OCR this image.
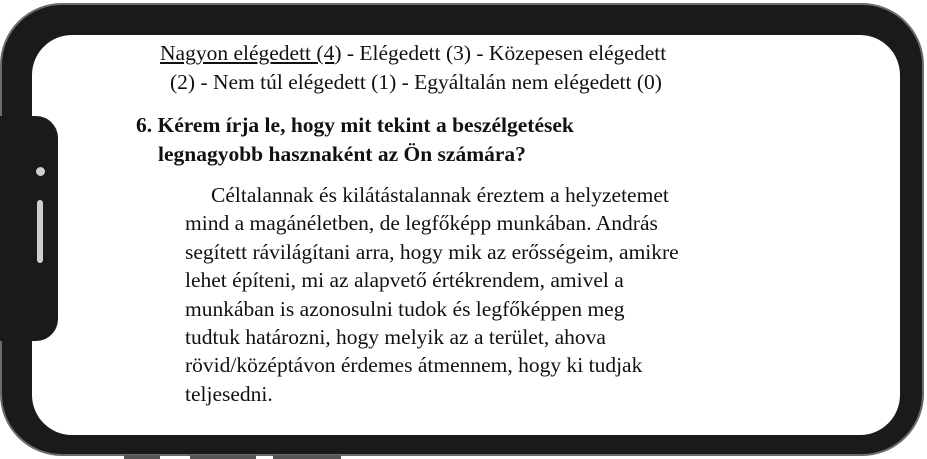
Nagyon elégedett (4) - Elégedett (3) - Közepesen elégedett
(2) - Nem túl elégedett (1) - Egyáltalán nem elégedett (0)
6. Kérem írja le, hogy mit tekint a beszélgetések
legnagyobb hasznaként az Ön számára?
Céltalannak és kilátástalannak éreztem a helyzetemet
mind a magánéletben, de legfőképp munkában. András
segített rávilágítani arra, hogy mik az erősségeim, amikre
lehet építeni, mi az alapvető értékrendem, amivel a
munkában is azonosulni tudok és legfőképpen meg
tudtuk határozni, hogy melyik az a terület, ahova
rövid/középtávon érdemes átmennem, hogy ki tudjak
teljesedni.
